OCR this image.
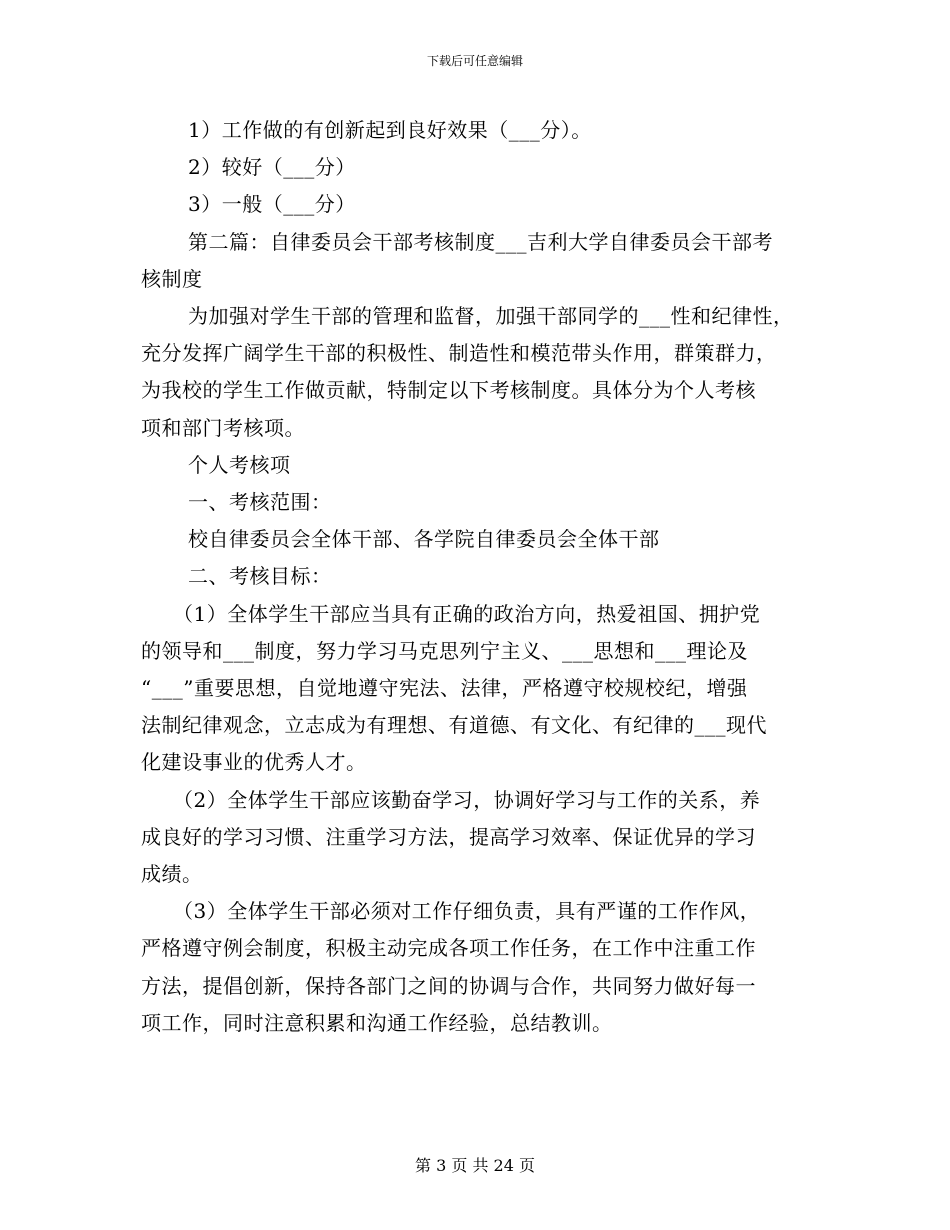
下载后可任意编辑

1）工作做的有创新起到良好效果（___分）。

2）较好（___分）

3）一般（___分）

第二篇：自律委员会干部考核制度___吉利大学自律委员会干部考

核制度

为加强对学生干部的管理和监督，加强干部同学的___性和纪律性，

充分发挥广阔学生干部的积极性、制造性和模范带头作用，群策群力，

为我校的学生工作做贡献，特制定以下考核制度。具体分为个人考核

项和部门考核项。

个人考核项

一、考核范围：

校自律委员会全体干部、各学院自律委员会全体干部

二、考核目标：

（1）全体学生干部应当具有正确的政治方向，热爱祖国、拥护党

的领导和___制度，努力学习马克思列宁主义、___思想和___理论及

“___”重要思想，自觉地遵守宪法、法律，严格遵守校规校纪，增强

法制纪律观念，立志成为有理想、有道德、有文化、有纪律的___现代

化建设事业的优秀人才。

（2）全体学生干部应该勤奋学习，协调好学习与工作的关系，养

成良好的学习习惯、注重学习方法，提高学习效率、保证优异的学习

成绩。

（3）全体学生干部必须对工作仔细负责，具有严谨的工作作风，

严格遵守例会制度，积极主动完成各项工作任务，在工作中注重工作

方法，提倡创新，保持各部门之间的协调与合作，共同努力做好每一

项工作，同时注意积累和沟通工作经验，总结教训。

第 3 页 共 24 页
